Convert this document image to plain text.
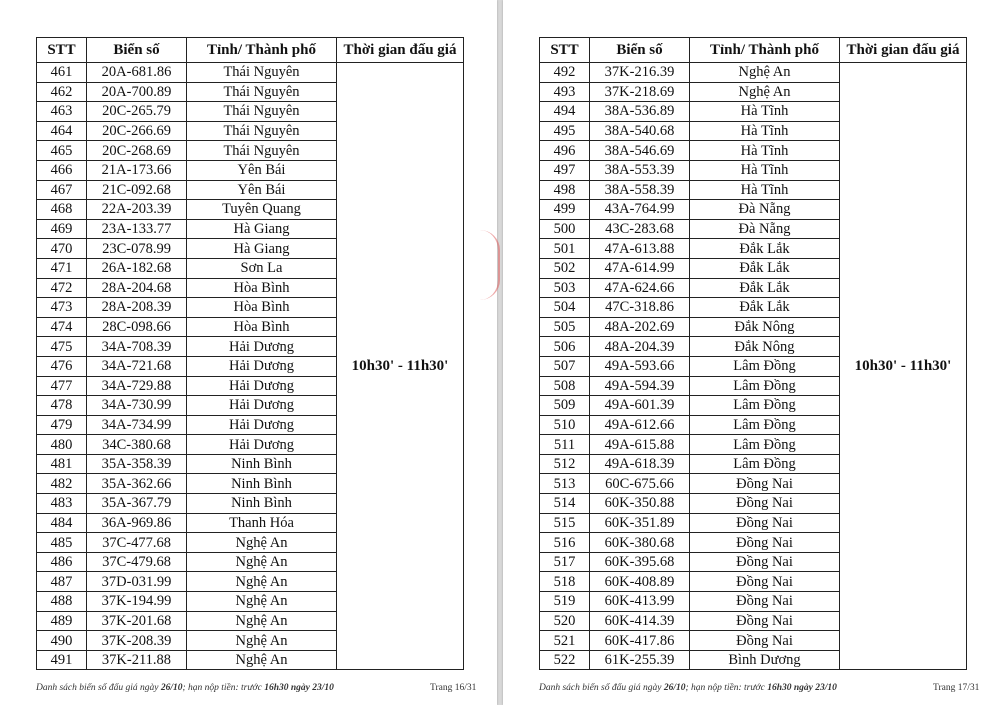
STT	Biển số	Tỉnh/ Thành phố	Thời gian đấu giá
461	20A-681.86	Thái Nguyên	10h30' - 11h30'
462	20A-700.89	Thái Nguyên	
463	20C-265.79	Thái Nguyên	
464	20C-266.69	Thái Nguyên	
465	20C-268.69	Thái Nguyên	
466	21A-173.66	Yên Bái	
467	21C-092.68	Yên Bái	
468	22A-203.39	Tuyên Quang	
469	23A-133.77	Hà Giang	
470	23C-078.99	Hà Giang	
471	26A-182.68	Sơn La	
472	28A-204.68	Hòa Bình	
473	28A-208.39	Hòa Bình	
474	28C-098.66	Hòa Bình	
475	34A-708.39	Hải Dương	
476	34A-721.68	Hải Dương	
477	34A-729.88	Hải Dương	
478	34A-730.99	Hải Dương	
479	34A-734.99	Hải Dương	
480	34C-380.68	Hải Dương	
481	35A-358.39	Ninh Bình	
482	35A-362.66	Ninh Bình	
483	35A-367.79	Ninh Bình	
484	36A-969.86	Thanh Hóa	
485	37C-477.68	Nghệ An	
486	37C-479.68	Nghệ An	
487	37D-031.99	Nghệ An	
488	37K-194.99	Nghệ An	
489	37K-201.68	Nghệ An	
490	37K-208.39	Nghệ An	
491	37K-211.88	Nghệ An	
Danh sách biển số đấu giá ngày 26/10; hạn nộp tiền: trước 16h30 ngày 23/10	Trang 16/31
STT	Biển số	Tỉnh/ Thành phố	Thời gian đấu giá
492	37K-216.39	Nghệ An	10h30' - 11h30'
493	37K-218.69	Nghệ An	
494	38A-536.89	Hà Tĩnh	
495	38A-540.68	Hà Tĩnh	
496	38A-546.69	Hà Tĩnh	
497	38A-553.39	Hà Tĩnh	
498	38A-558.39	Hà Tĩnh	
499	43A-764.99	Đà Nẵng	
500	43C-283.68	Đà Nẵng	
501	47A-613.88	Đắk Lắk	
502	47A-614.99	Đắk Lắk	
503	47A-624.66	Đắk Lắk	
504	47C-318.86	Đắk Lắk	
505	48A-202.69	Đắk Nông	
506	48A-204.39	Đắk Nông	
507	49A-593.66	Lâm Đồng	
508	49A-594.39	Lâm Đồng	
509	49A-601.39	Lâm Đồng	
510	49A-612.66	Lâm Đồng	
511	49A-615.88	Lâm Đồng	
512	49A-618.39	Lâm Đồng	
513	60C-675.66	Đồng Nai	
514	60K-350.88	Đồng Nai	
515	60K-351.89	Đồng Nai	
516	60K-380.68	Đồng Nai	
517	60K-395.68	Đồng Nai	
518	60K-408.89	Đồng Nai	
519	60K-413.99	Đồng Nai	
520	60K-414.39	Đồng Nai	
521	60K-417.86	Đồng Nai	
522	61K-255.39	Bình Dương	
Danh sách biển số đấu giá ngày 26/10; hạn nộp tiền: trước 16h30 ngày 23/10	Trang 17/31
